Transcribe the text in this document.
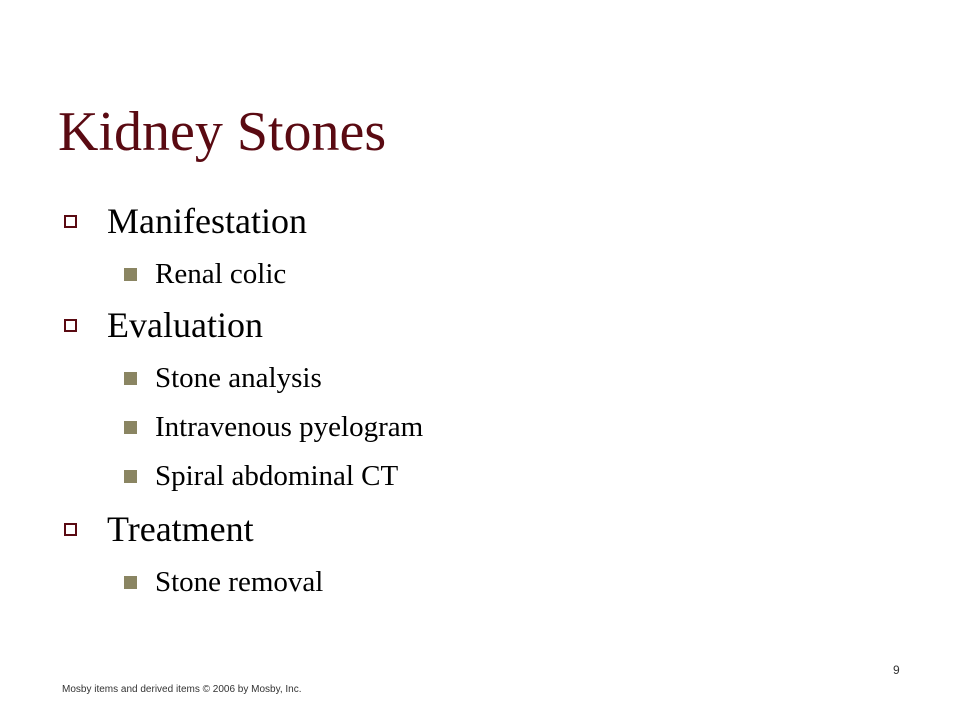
Kidney Stones
Manifestation
Renal colic
Evaluation
Stone analysis
Intravenous pyelogram
Spiral abdominal CT
Treatment
Stone removal
9
Mosby items and derived items © 2006 by Mosby, Inc.
